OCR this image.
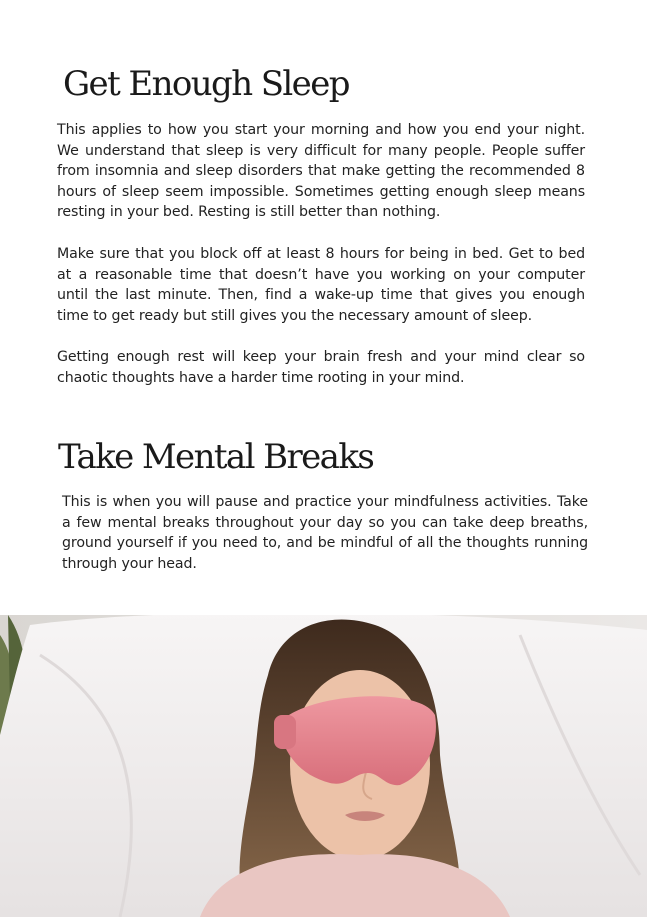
Get Enough Sleep

This applies to how you start your morning and how you end your night. We understand that sleep is very difficult for many people. People suffer from insomnia and sleep disorders that make getting the recommended 8 hours of sleep seem impossible. Sometimes getting enough sleep means resting in your bed. Resting is still better than nothing.

Make sure that you block off at least 8 hours for being in bed. Get to bed at a reasonable time that doesn’t have you working on your computer until the last minute. Then, find a wake-up time that gives you enough time to get ready but still gives you the necessary amount of sleep.

Getting enough rest will keep your brain fresh and your mind clear so chaotic thoughts have a harder time rooting in your mind.

Take Mental Breaks

This is when you will pause and practice your mindfulness activities. Take a few mental breaks throughout your day so you can take deep breaths, ground yourself if you need to, and be mindful of all the thoughts running through your head.
